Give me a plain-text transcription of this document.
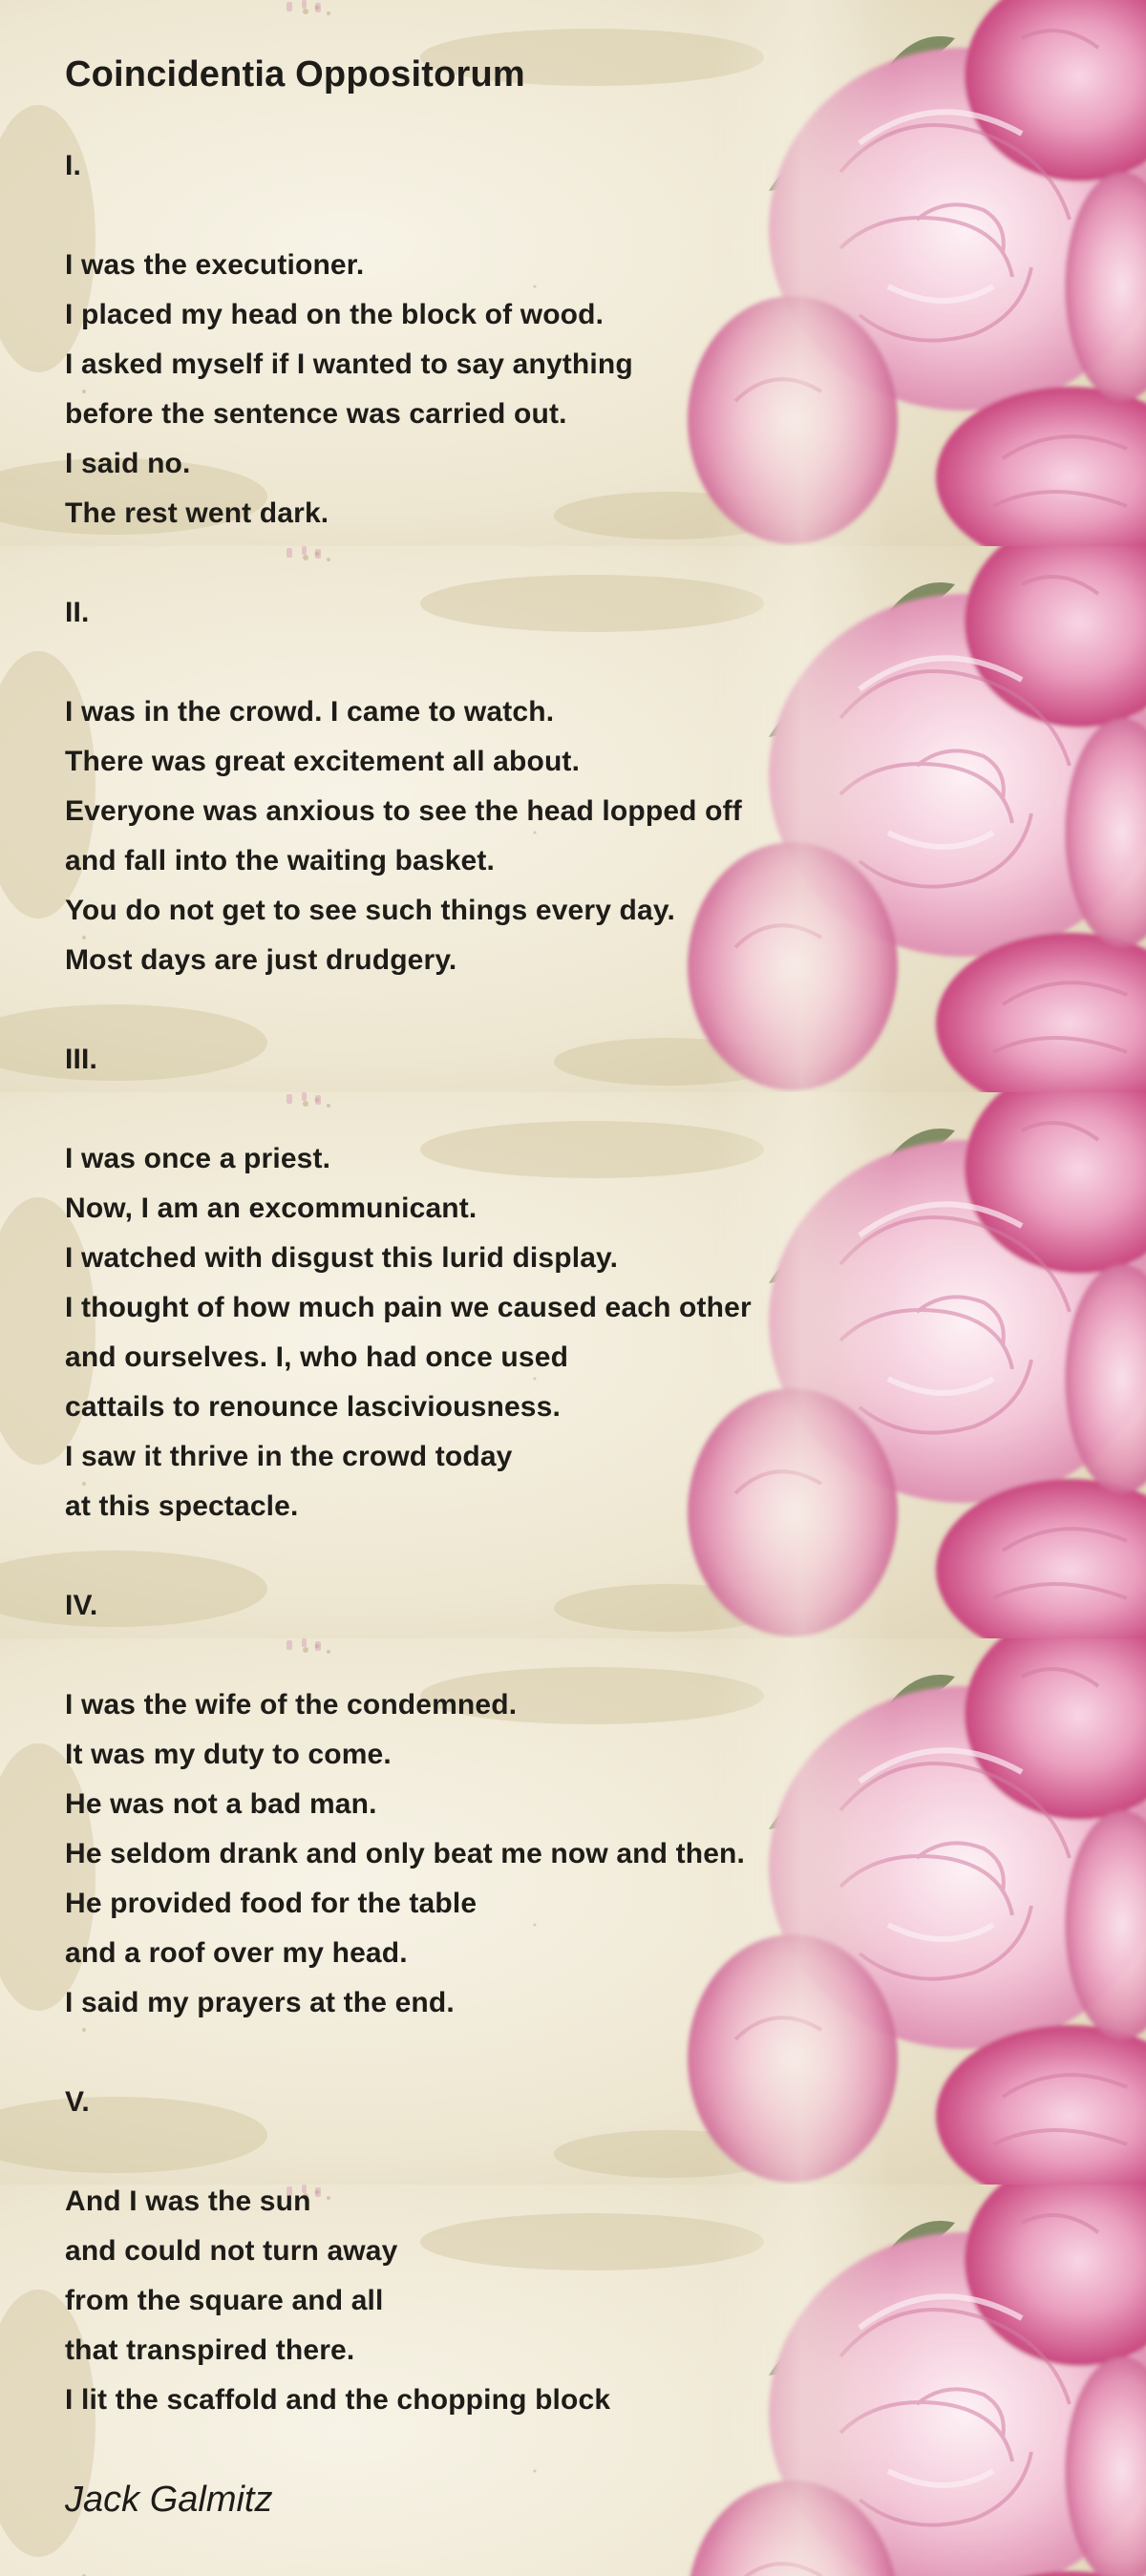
Coincidentia Oppositorum
I.
I was the executioner.
I placed my head on the block of wood.
I asked myself if I wanted to say anything
before the sentence was carried out.
I said no.
The rest went dark.
II.
I was in the crowd. I came to watch.
There was great excitement all about.
Everyone was anxious to see the head lopped off
and fall into the waiting basket.
You do not get to see such things every day.
Most days are just drudgery.
III.
I was once a priest.
Now, I am an excommunicant.
I watched with disgust this lurid display.
I thought of how much pain we caused each other
and ourselves. I, who had once used
cattails to renounce lasciviousness.
I saw it thrive in the crowd today
at this spectacle.
IV.
I was the wife of the condemned.
It was my duty to come.
He was not a bad man.
He seldom drank and only beat me now and then.
He provided food for the table
and a roof over my head.
I said my prayers at the end.
V.
And I was the sun
and could not turn away
from the square and all
that transpired there.
I lit the scaffold and the chopping block
Jack Galmitz
